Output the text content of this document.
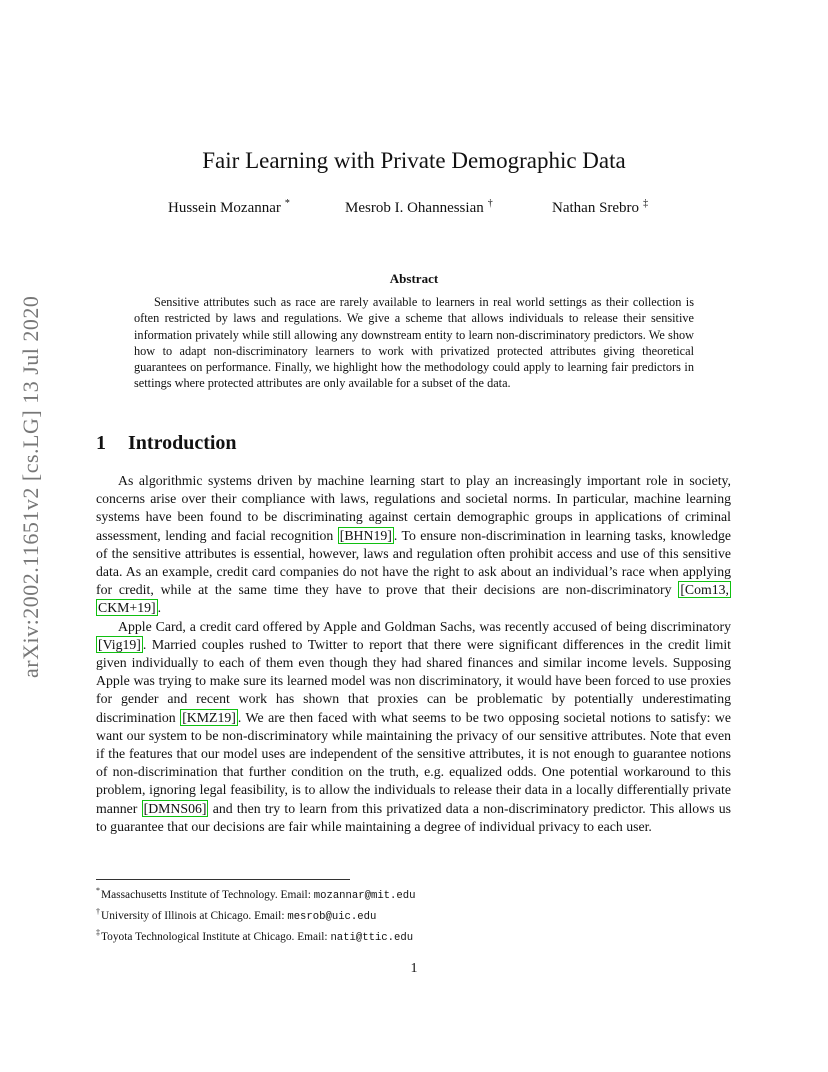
arXiv:2002.11651v2 [cs.LG] 13 Jul 2020
Fair Learning with Private Demographic Data
Hussein Mozannar *	Mesrob I. Ohannessian †	Nathan Srebro ‡
Abstract
Sensitive attributes such as race are rarely available to learners in real world settings as their collection is often restricted by laws and regulations. We give a scheme that allows individuals to release their sensitive information privately while still allowing any downstream entity to learn non-discriminatory predictors. We show how to adapt non-discriminatory learners to work with privatized protected attributes giving theoretical guarantees on performance. Finally, we highlight how the methodology could apply to learning fair predictors in settings where protected attributes are only available for a subset of the data.
1 Introduction

As algorithmic systems driven by machine learning start to play an increasingly important role in society, concerns arise over their compliance with laws, regulations and societal norms. In particular, machine learning systems have been found to be discriminating against certain demographic groups in applications of criminal assessment, lending and facial recognition [BHN19] . To ensure non-discrimination in learning tasks, knowledge of the sensitive attributes is essential, however, laws and regulation often prohibit access and use of this sensitive data. As an example, credit card companies do not have the right to ask about an individual’s race when applying for credit, while at the same time they have to prove that their decisions are non-discriminatory [Com13, CKM+19] .

Apple Card, a credit card offered by Apple and Goldman Sachs, was recently accused of being discriminatory [Vig19] . Married couples rushed to Twitter to report that there were significant differences in the credit limit given individually to each of them even though they had shared finances and similar income levels. Supposing Apple was trying to make sure its learned model was non discriminatory, it would have been forced to use proxies for gender and recent work has shown that proxies can be problematic by potentially underestimating discrimination [KMZ19] . We are then faced with what seems to be two opposing societal notions to satisfy: we want our system to be non-discriminatory while maintaining the privacy of our sensitive attributes. Note that even if the features that our model uses are independent of the sensitive attributes, it is not enough to guarantee notions of non-discrimination that further condition on the truth, e.g. equalized odds. One potential workaround to this problem, ignoring legal feasibility, is to allow the individuals to release their data in a locally differentially private manner [DMNS06] and then try to learn from this privatized data a non-discriminatory predictor. This allows us to guarantee that our decisions are fair while maintaining a degree of individual privacy to each user.

*Massachusetts Institute of Technology. Email: mozannar@mit.edu
†University of Illinois at Chicago. Email: mesrob@uic.edu
‡Toyota Technological Institute at Chicago. Email: nati@ttic.edu
1
